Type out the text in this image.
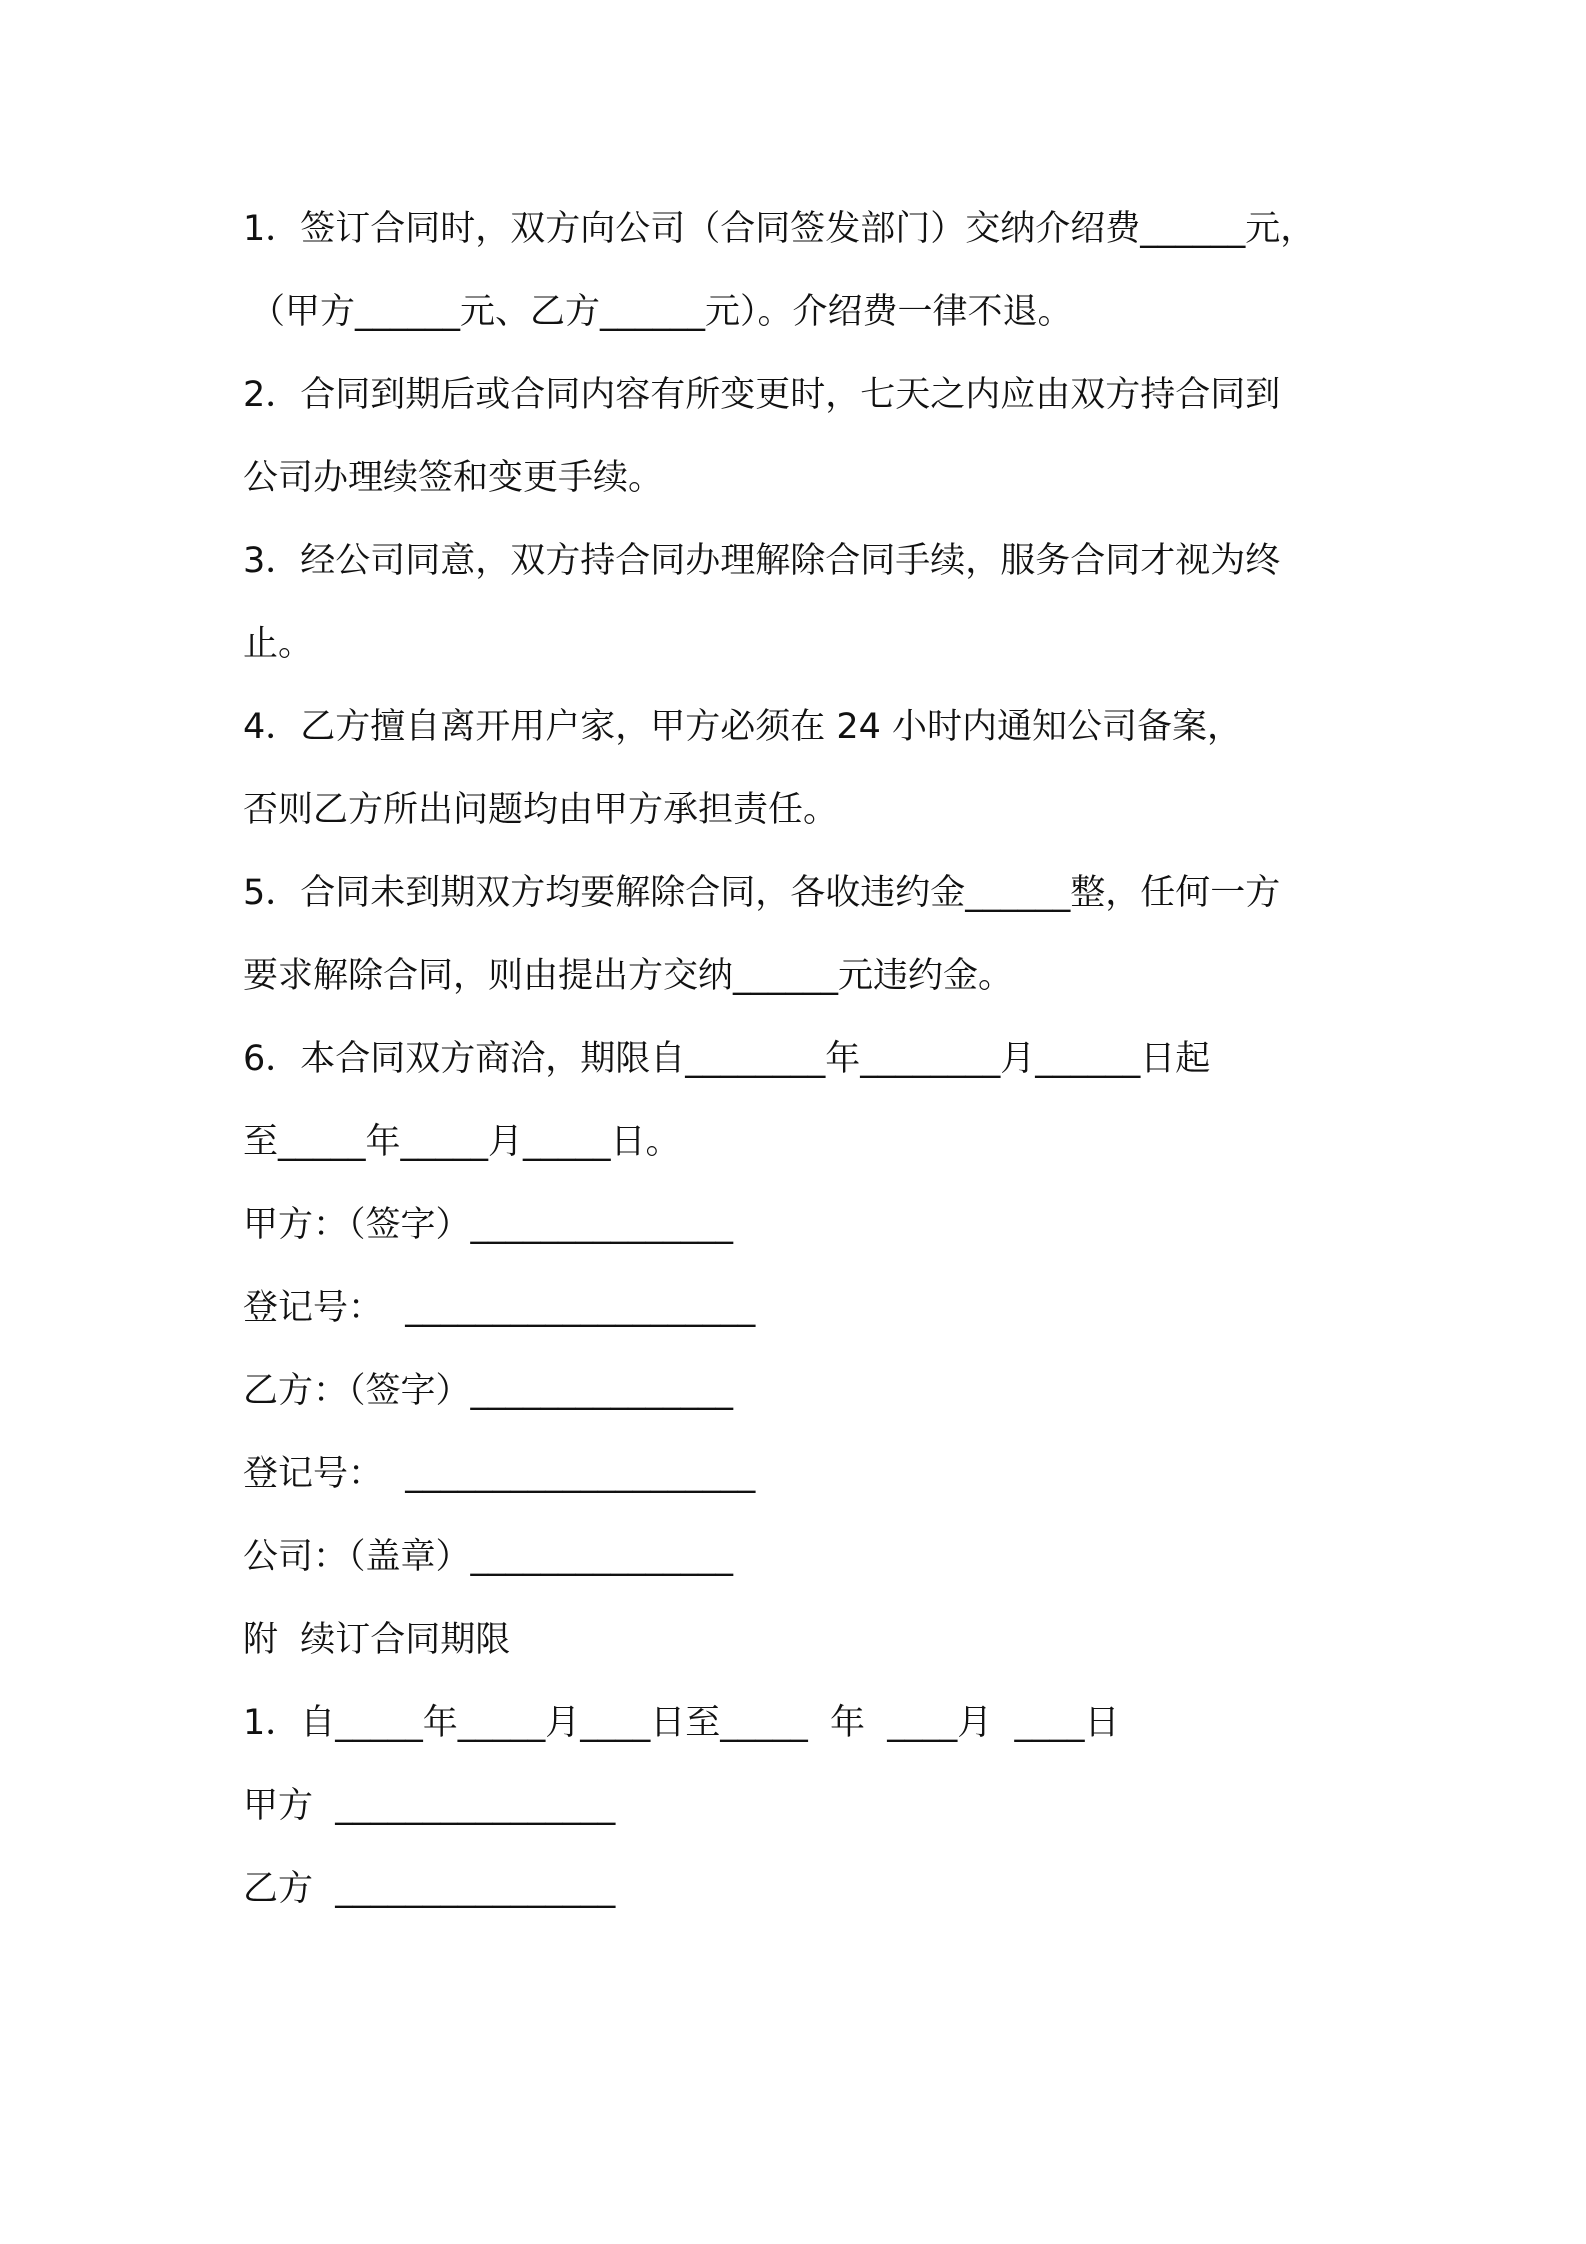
1．签订合同时，双方向公司（合同签发部门）交纳介绍费______元，
（甲方______元、乙方______元）。介绍费一律不退。
2．合同到期后或合同内容有所变更时，七天之内应由双方持合同到
公司办理续签和变更手续。
3．经公司同意，双方持合同办理解除合同手续，服务合同才视为终
止。
4．乙方擅自离开用户家，甲方必须在 24 小时内通知公司备案，
否则乙方所出问题均由甲方承担责任。
5．合同未到期双方均要解除合同，各收违约金______整，任何一方
要求解除合同，则由提出方交纳______元违约金。
6．本合同双方商洽，期限自________年________月______日起
至_____年_____月_____日。
甲方：（签字）_______________
登记号：  ____________________
乙方：（签字）_______________
登记号：  ____________________
公司：（盖章）_______________
附  续订合同期限
1．自_____年_____月____日至_____  年  ____月  ____日
甲方  ________________
乙方  ________________
